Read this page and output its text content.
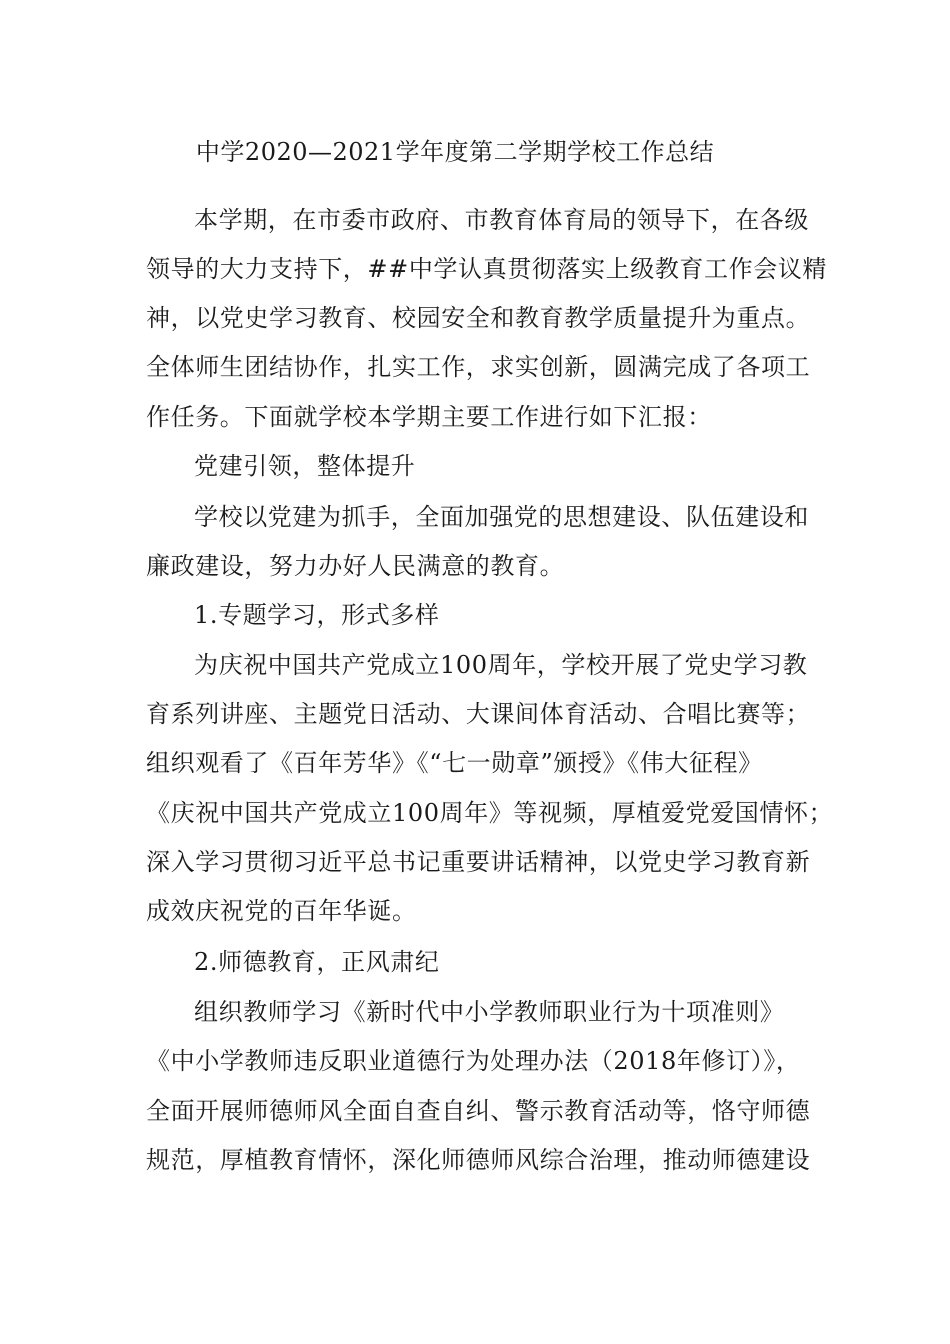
中学2020—2021学年度第二学期学校工作总结
本学期，在市委市政府、市教育体育局的领导下，在各级
领导的大力支持下，##中学认真贯彻落实上级教育工作会议精
神，以党史学习教育、校园安全和教育教学质量提升为重点。
全体师生团结协作，扎实工作，求实创新，圆满完成了各项工
作任务。下面就学校本学期主要工作进行如下汇报：
党建引领，整体提升
学校以党建为抓手，全面加强党的思想建设、队伍建设和
廉政建设，努力办好人民满意的教育。
1.专题学习，形式多样
为庆祝中国共产党成立100周年，学校开展了党史学习教
育系列讲座、主题党日活动、大课间体育活动、合唱比赛等；
组织观看了《百年芳华》《“七一勋章”颁授》《伟大征程》
《庆祝中国共产党成立100周年》等视频，厚植爱党爱国情怀；
深入学习贯彻习近平总书记重要讲话精神，以党史学习教育新
成效庆祝党的百年华诞。
2.师德教育，正风肃纪
组织教师学习《新时代中小学教师职业行为十项准则》
《中小学教师违反职业道德行为处理办法（2018年修订）》，
全面开展师德师风全面自查自纠、警示教育活动等，恪守师德
规范，厚植教育情怀，深化师德师风综合治理，推动师德建设
